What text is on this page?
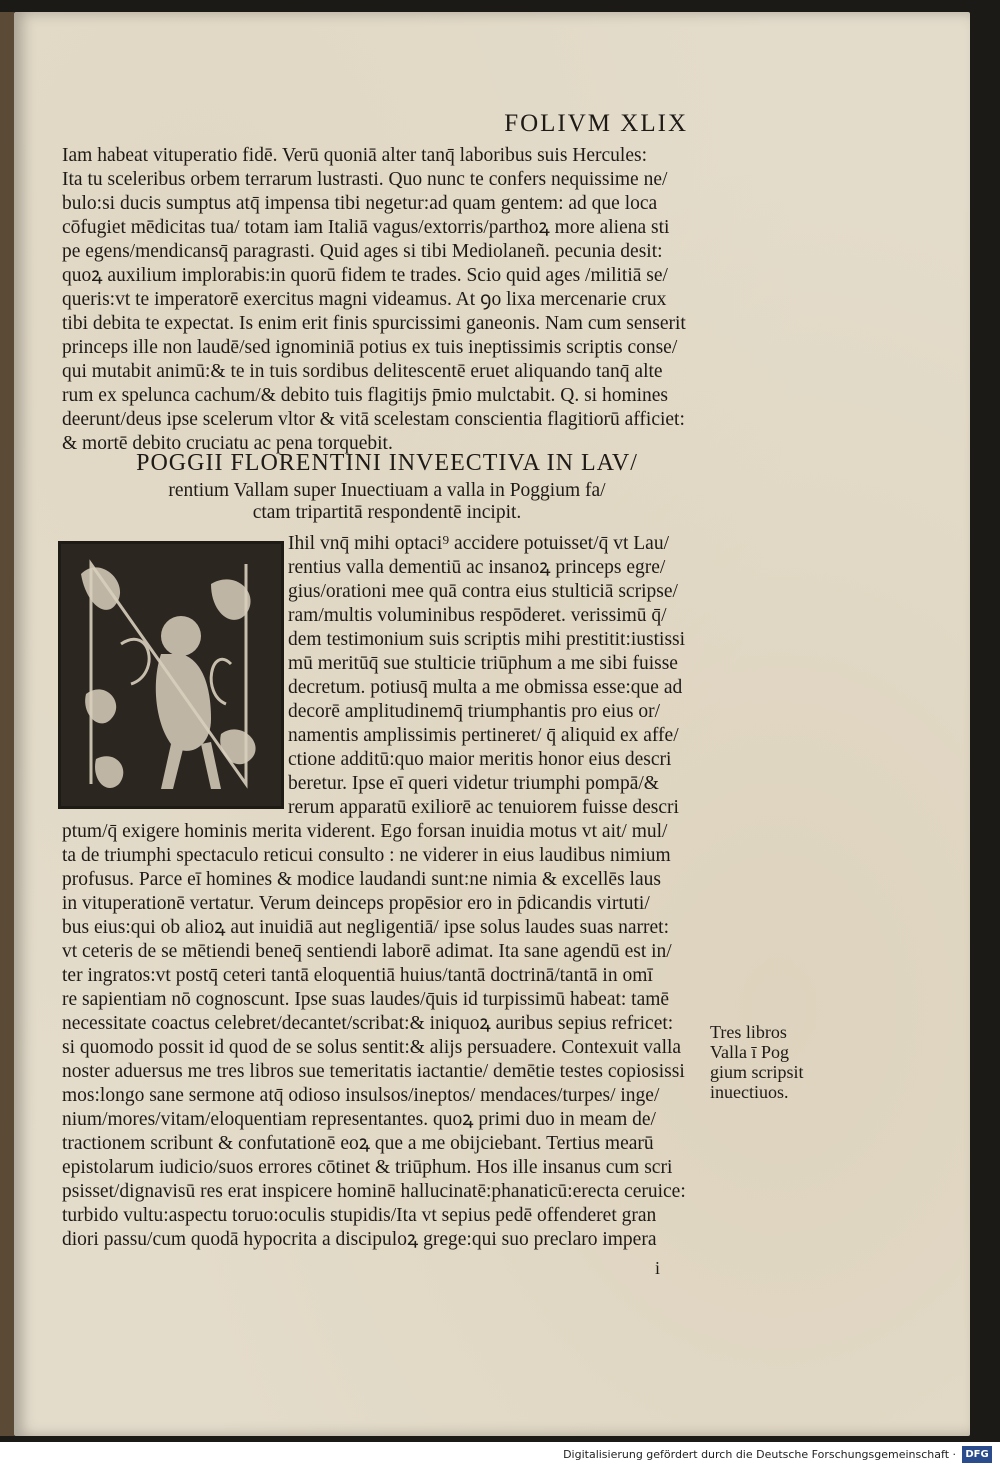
FOLIVM XLIX
Iam habeat vituperatio fidē. Verū quoniā alter tanq̄ laboribus suis Hercules:
Ita tu sceleribus orbem terrarum lustrasti. Quo nunc te confers nequissime ne/
bulo:si ducis sumptus atq̄ impensa tibi negetur:ad quam gentem: ad que loca
cōfugiet mēdicitas tua/ totam iam Italiā vagus/extorris/parthoꝝ more aliena sti
pe egens/mendicansq̄ paragrasti. Quid ages si tibi Mediolaneñ. pecunia desit:
quoꝝ auxilium implorabis:in quorū fidem te trades. Scio quid ages /militiā se/
queris:vt te imperatorē exercitus magni videamus. At ꝯo lixa mercenarie crux
tibi debita te expectat. Is enim erit finis spurcissimi ganeonis. Nam cum senserit
princeps ille non laudē/sed ignominiā potius ex tuis ineptissimis scriptis conse/
qui mutabit animū:& te in tuis sordibus delitescentē eruet aliquando tanq̄ alte
rum ex spelunca cachum/& debito tuis flagitijs p̄mio mulctabit. Q. si homines
deerunt/deus ipse scelerum vltor & vitā scelestam conscientia flagitiorū afficiet:
& mortē debito cruciatu ac pena torquebit.
POGGII FLORENTINI INVEECTIVA IN LAV/
rentium Vallam super Inuectiuam a valla in Poggium fa/
ctam tripartitā respondentē incipit.
Ihil vnq̄ mihi optaci⁹ accidere potuisset/q̄ vt Lau/
rentius valla dementiū ac insanoꝝ princeps egre/
gius/orationi mee quā contra eius stulticiā scripse/
ram/multis voluminibus respōderet. verissimū q̄/
dem testimonium suis scriptis mihi prestitit:iustissi
mū meritūq̄ sue stulticie triūphum a me sibi fuisse
decretum. potiusq̄ multa a me obmissa esse:que ad
decorē amplitudinemq̄ triumphantis pro eius or/
namentis amplissimis pertineret/ q̄ aliquid ex affe/
ctione additū:quo maior meritis honor eius descri
beretur. Ipse eī queri videtur triumphi pompā/&
rerum apparatū exiliorē ac tenuiorem fuisse descri
ptum/q̄ exigere hominis merita viderent. Ego forsan inuidia motus vt ait/ mul/
ta de triumphi spectaculo reticui consulto : ne viderer in eius laudibus nimium
profusus. Parce eī homines & modice laudandi sunt:ne nimia & excellēs laus
in vituperationē vertatur. Verum deinceps propēsior ero in p̄dicandis virtuti/
bus eius:qui ob alioꝝ aut inuidiā aut negligentiā/ ipse solus laudes suas narret:
vt ceteris de se mētiendi beneq̄ sentiendi laborē adimat. Ita sane agendū est in/
ter ingratos:vt postq̄ ceteri tantā eloquentiā huius/tantā doctrinā/tantā in omī
re sapientiam nō cognoscunt. Ipse suas laudes/q̄uis id turpissimū habeat: tamē
necessitate coactus celebret/decantet/scribat:& iniquoꝝ auribus sepius refricet:
si quomodo possit id quod de se solus sentit:& alijs persuadere. Contexuit valla
noster aduersus me tres libros sue temeritatis iactantie/ demētie testes copiosissi
mos:longo sane sermone atq̄ odioso insulsos/ineptos/ mendaces/turpes/ inge/
nium/mores/vitam/eloquentiam representantes. quoꝝ primi duo in meam de/
tractionem scribunt & confutationē eoꝝ que a me obijciebant. Tertius mearū
epistolarum iudicio/suos errores cōtinet & triūphum. Hos ille insanus cum scri
psisset/dignavisū res erat inspicere hominē hallucinatē:phanaticū:erecta ceruice:
turbido vultu:aspectu toruo:oculis stupidis/Ita vt sepius pedē offenderet gran
diori passu/cum quodā hypocrita a discipuloꝝ grege:qui suo preclaro impera
Tres libros
Valla ī Pog
gium scripsit
inuectiuos.
i
Digitalisierung gefördert durch die Deutsche Forschungsgemeinschaft · DFG
